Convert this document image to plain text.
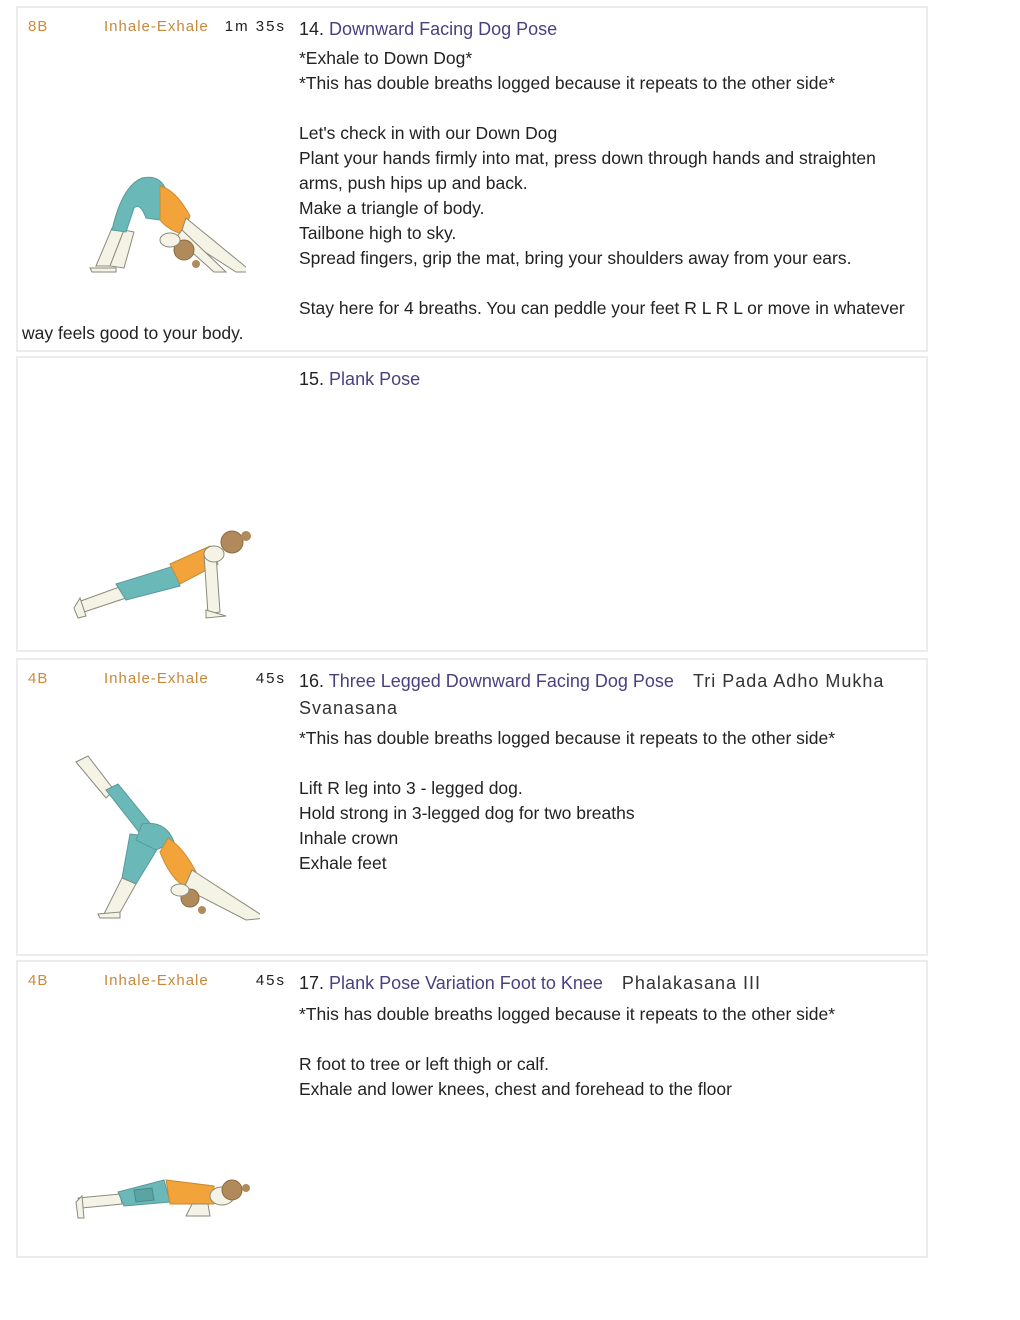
8B	Inhale-Exhale 1m 35s 14. Downward Facing Dog Pose

*Exhale to Down Dog*

*This has double breaths logged because it repeats to the other side*

Let's check in with our Down Dog

Plant your hands firmly into mat, press down through hands and straighten

arms, push hips up and back.

Make a triangle of body.

Tailbone high to sky.

Spread fingers, grip the mat, bring your shoulders away from your ears.

Stay here for 4 breaths. You can peddle your feet R L R L or move in whatever

way feels good to your body.

15. Plank Pose
4B	Inhale-Exhale	45s 16. Three Legged Downward Facing Dog Pose Tri Pada Adho Mukha
Svanasana

*This has double breaths logged because it repeats to the other side*

Lift R leg into 3 - legged dog.

Hold strong in 3-legged dog for two breaths

Inhale crown

Exhale feet

4B	Inhale-Exhale	45s 17. Plank Pose Variation Foot to Knee Phalakasana III

*This has double breaths logged because it repeats to the other side*

R foot to tree or left thigh or calf.

Exhale and lower knees, chest and forehead to the floor
